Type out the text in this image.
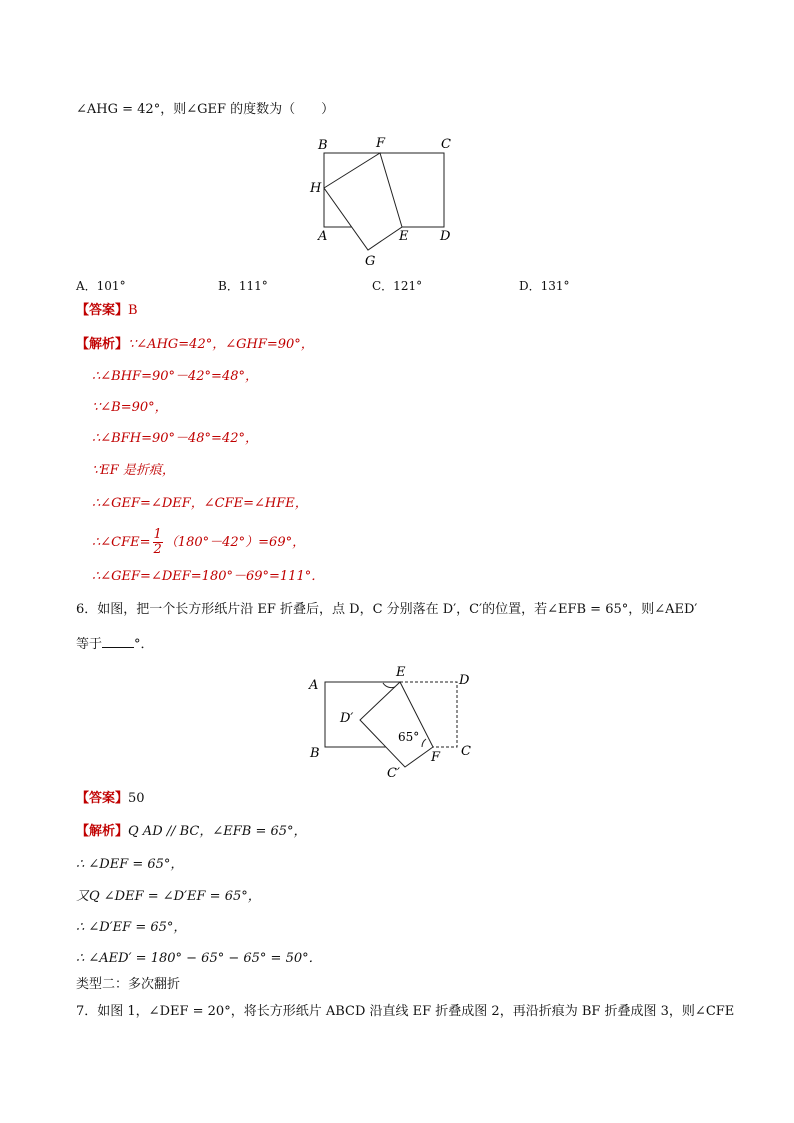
∠AHG = 42°，则∠GEF 的度数为（　　）
B	F	C
H
A	E D
G
A．101°	B．111°	C．121°	D．131°
【答案】B
【解析】∵∠AHG=42°，∠GHF=90°，
∴∠BHF=90°－42°=48°，
∵∠B=90°，
∴∠BFH=90°－48°=42°，
∵EF 是折痕，
∴∠GEF=∠DEF，∠CFE=∠HFE，
∴∠CFE= $\frac{1}{2} (180^\circ-42^\circ)=69^\circ$，
∴∠GEF=∠DEF=180°－69°=111°．
6．如图，把一个长方形纸片沿 EF 折叠后，点 D，C 分别落在 D′，C′的位置，若∠EFB = 65°，则∠AED′
等于 °．
A
E
D
D′
65°
B	C
F
C′
【答案】50
【解析】Q AD // BC，∠EFB = 65°，
∴ ∠DEF = 65°，
又Q ∠DEF = ∠D′EF = 65°，
∴ ∠D′EF = 65°，
∴ ∠AED′ = 180° − 65° − 65° = 50°．
类型二：多次翻折
7．如图 1，∠DEF = 20°，将长方形纸片 ABCD 沿直线 EF 折叠成图 2，再沿折痕为 BF 折叠成图 3，则∠CFE
